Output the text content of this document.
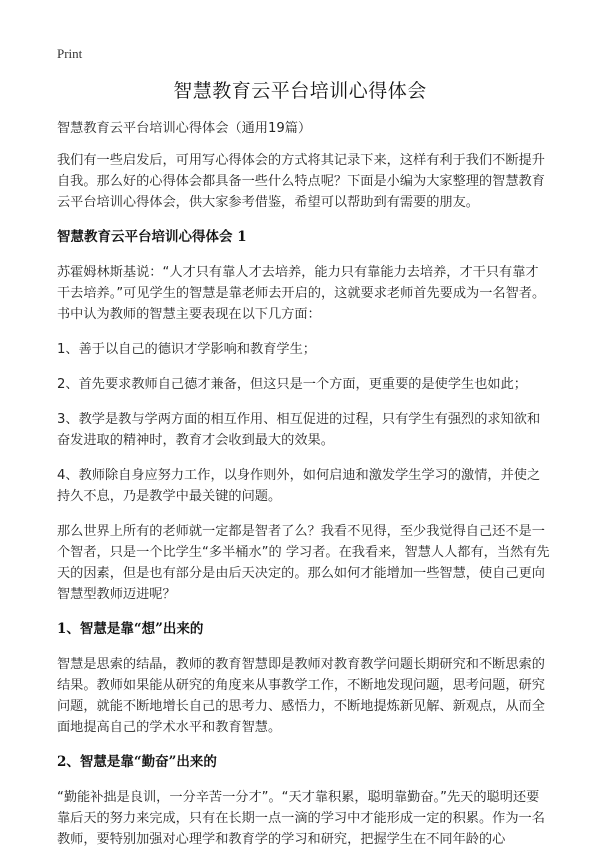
Print
智慧教育云平台培训心得体会

智慧教育云平台培训心得体会（通用19篇）

我们有一些启发后，可用写心得体会的方式将其记录下来，这样有利于我们不断提升自我。那么好的心得体会都具备一些什么特点呢？下面是小编为大家整理的智慧教育云平台培训心得体会，供大家参考借鉴，希望可以帮助到有需要的朋友。

智慧教育云平台培训心得体会 1

苏霍姆林斯基说：“人才只有靠人才去培养，能力只有靠能力去培养，才干只有靠才干去培养。”可见学生的智慧是靠老师去开启的，这就要求老师首先要成为一名智者。书中认为教师的智慧主要表现在以下几方面：

1、善于以自己的德识才学影响和教育学生；

2、首先要求教师自己德才兼备，但这只是一个方面，更重要的是使学生也如此；

3、教学是教与学两方面的相互作用、相互促进的过程，只有学生有强烈的求知欲和奋发进取的精神时，教育才会收到最大的效果。

4、教师除自身应努力工作，以身作则外，如何启迪和激发学生学习的激情，并使之持久不息，乃是教学中最关键的问题。

那么世界上所有的老师就一定都是智者了么？我看不见得，至少我觉得自己还不是一个智者，只是一个比学生“多半桶水”的 学习者。在我看来，智慧人人都有，当然有先天的因素，但是也有部分是由后天决定的。那么如何才能增加一些智慧，使自己更向智慧型教师迈进呢？

1、智慧是靠“想”出来的

智慧是思索的结晶，教师的教育智慧即是教师对教育教学问题长期研究和不断思索的结果。教师如果能从研究的角度来从事教学工作，不断地发现问题，思考问题，研究问题，就能不断地增长自己的思考力、感悟力，不断地提炼新见解、新观点，从而全面地提高自己的学术水平和教育智慧。

2、智慧是靠“勤奋”出来的

“勤能补拙是良训，一分辛苦一分才”。“天才靠积累，聪明靠勤奋。”先天的聪明还要靠后天的努力来完成，只有在长期一点一滴的学习中才能形成一定的积累。作为一名教师，要特别加强对心理学和教育学的学习和研究，把握学生在不同年龄的心
